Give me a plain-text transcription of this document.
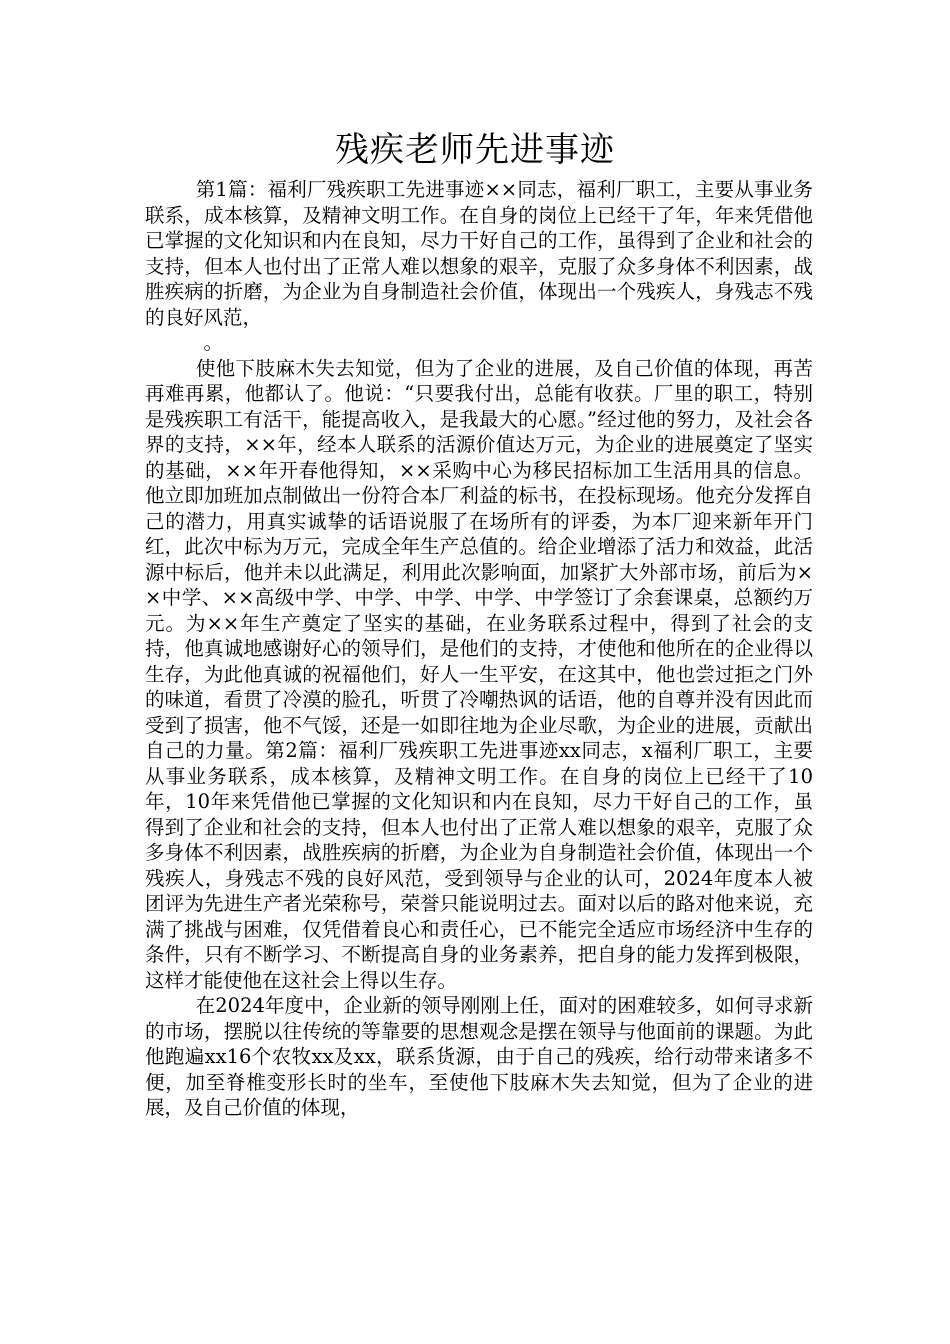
残疾老师先进事迹

第1篇：福利厂残疾职工先进事迹××同志，福利厂职工，主要从事业务联系，成本核算，及精神文明工作。在自身的岗位上已经干了年，年来凭借他已掌握的文化知识和内在良知，尽力干好自己的工作，虽得到了企业和社会的支持，但本人也付出了正常人难以想象的艰辛，克服了众多身体不利因素，战胜疾病的折磨，为企业为自身制造社会价值，体现出一个残疾人，身残志不残的良好风范，

。

使他下肢麻木失去知觉，但为了企业的进展，及自己价值的体现，再苦再难再累，他都认了。他说：“只要我付出，总能有收获。厂里的职工，特别是残疾职工有活干，能提高收入，是我最大的心愿。”经过他的努力，及社会各界的支持，××年，经本人联系的活源价值达万元，为企业的进展奠定了坚实的基础，××年开春他得知，××采购中心为移民招标加工生活用具的信息。他立即加班加点制做出一份符合本厂利益的标书，在投标现场。他充分发挥自己的潜力，用真实诚挚的话语说服了在场所有的评委，为本厂迎来新年开门红，此次中标为万元，完成全年生产总值的。给企业增添了活力和效益，此活源中标后，他并未以此满足，利用此次影响面，加紧扩大外部市场，前后为××中学、××高级中学、中学、中学、中学、中学签订了余套课桌，总额约万元。为××年生产奠定了坚实的基础，在业务联系过程中，得到了社会的支持，他真诚地感谢好心的领导们，是他们的支持，才使他和他所在的企业得以生存，为此他真诚的祝福他们，好人一生平安，在这其中，他也尝过拒之门外的味道，看贯了冷漠的脸孔，听贯了冷嘲热讽的话语，他的自尊并没有因此而受到了损害，他不气馁，还是一如即往地为企业尽歌，为企业的进展，贡献出自己的力量。第2篇：福利厂残疾职工先进事迹xx同志，x福利厂职工，主要从事业务联系，成本核算，及精神文明工作。在自身的岗位上已经干了10年，10年来凭借他已掌握的文化知识和内在良知，尽力干好自己的工作，虽得到了企业和社会的支持，但本人也付出了正常人难以想象的艰辛，克服了众多身体不利因素，战胜疾病的折磨，为企业为自身制造社会价值，体现出一个残疾人，身残志不残的良好风范，受到领导与企业的认可，2024年度本人被团评为先进生产者光荣称号，荣誉只能说明过去。面对以后的路对他来说，充满了挑战与困难，仅凭借着良心和责任心，已不能完全适应市场经济中生存的条件，只有不断学习、不断提高自身的业务素养，把自身的能力发挥到极限，这样才能使他在这社会上得以生存。

在2024年度中，企业新的领导刚刚上任，面对的困难较多，如何寻求新的市场，摆脱以往传统的等靠要的思想观念是摆在领导与他面前的课题。为此他跑遍xx16个农牧xx及xx，联系货源，由于自己的残疾，给行动带来诸多不便，加至脊椎变形长时的坐车，至使他下肢麻木失去知觉，但为了企业的进展，及自己价值的体现，
